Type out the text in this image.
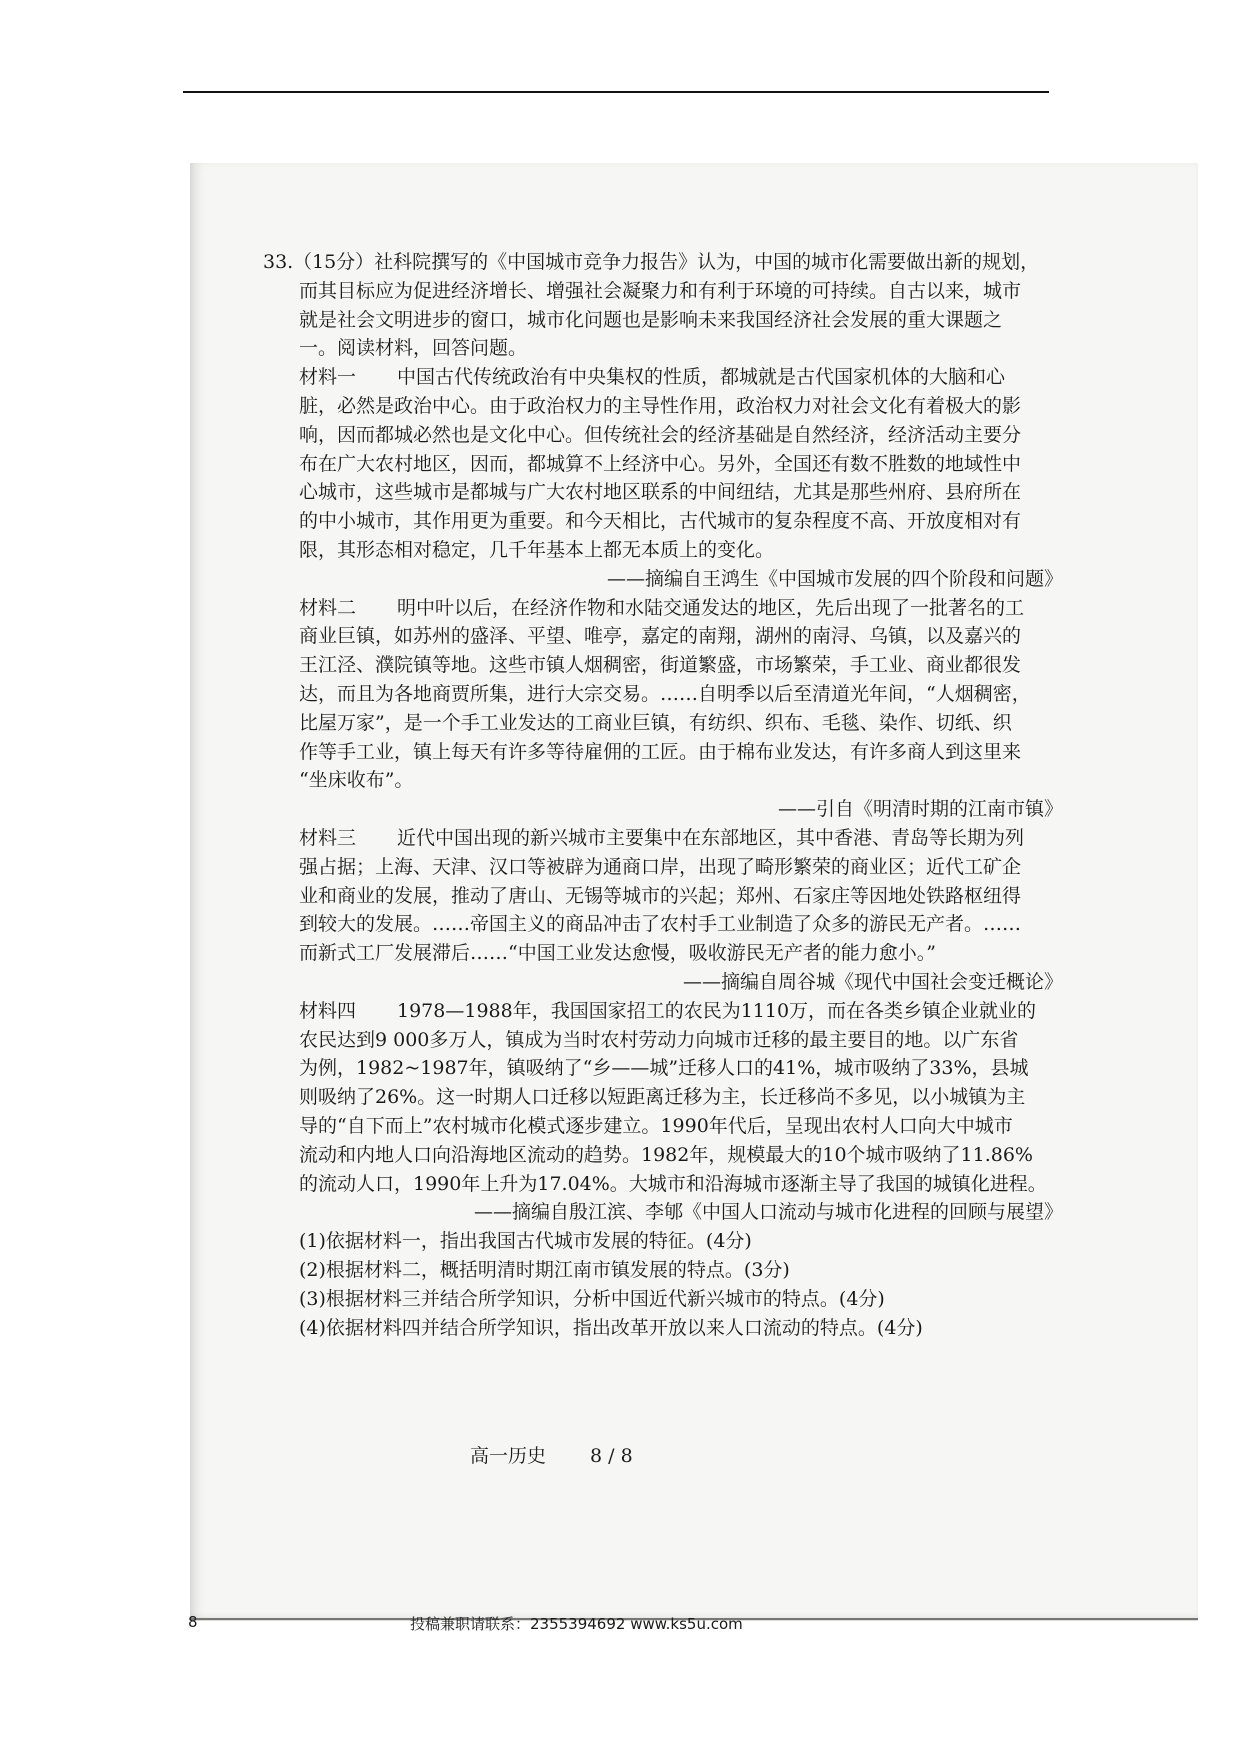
33.（15分）社科院撰写的《中国城市竞争力报告》认为，中国的城市化需要做出新的规划，
而其目标应为促进经济增长、增强社会凝聚力和有利于环境的可持续。自古以来，城市
就是社会文明进步的窗口，城市化问题也是影响未来我国经济社会发展的重大课题之
一。阅读材料，回答问题。
材料一 中国古代传统政治有中央集权的性质，都城就是古代国家机体的大脑和心
脏，必然是政治中心。由于政治权力的主导性作用，政治权力对社会文化有着极大的影
响，因而都城必然也是文化中心。但传统社会的经济基础是自然经济，经济活动主要分
布在广大农村地区，因而，都城算不上经济中心。另外，全国还有数不胜数的地域性中
心城市，这些城市是都城与广大农村地区联系的中间纽结，尤其是那些州府、县府所在
的中小城市，其作用更为重要。和今天相比，古代城市的复杂程度不高、开放度相对有
限，其形态相对稳定，几千年基本上都无本质上的变化。
——摘编自王鸿生《中国城市发展的四个阶段和问题》
材料二 明中叶以后，在经济作物和水陆交通发达的地区，先后出现了一批著名的工
商业巨镇，如苏州的盛泽、平望、唯亭，嘉定的南翔，湖州的南浔、乌镇，以及嘉兴的
王江泾、濮院镇等地。这些市镇人烟稠密，街道繁盛，市场繁荣，手工业、商业都很发
达，而且为各地商贾所集，进行大宗交易。……自明季以后至清道光年间，“人烟稠密，
比屋万家”，是一个手工业发达的工商业巨镇，有纺织、织布、毛毯、染作、切纸、织
作等手工业，镇上每天有许多等待雇佣的工匠。由于棉布业发达，有许多商人到这里来
“坐床收布”。
——引自《明清时期的江南市镇》
材料三 近代中国出现的新兴城市主要集中在东部地区，其中香港、青岛等长期为列
强占据；上海、天津、汉口等被辟为通商口岸，出现了畸形繁荣的商业区；近代工矿企
业和商业的发展，推动了唐山、无锡等城市的兴起；郑州、石家庄等因地处铁路枢纽得
到较大的发展。……帝国主义的商品冲击了农村手工业制造了众多的游民无产者。……
而新式工厂发展滞后……“中国工业发达愈慢，吸收游民无产者的能力愈小。”
——摘编自周谷城《现代中国社会变迁概论》
材料四 1978—1988年，我国国家招工的农民为1110万，而在各类乡镇企业就业的
农民达到9 000多万人，镇成为当时农村劳动力向城市迁移的最主要目的地。以广东省
为例，1982~1987年，镇吸纳了“乡——城”迁移人口的41%，城市吸纳了33%，县城
则吸纳了26%。这一时期人口迁移以短距离迁移为主，长迁移尚不多见，以小城镇为主
导的“自下而上”农村城市化模式逐步建立。1990年代后，呈现出农村人口向大中城市
流动和内地人口向沿海地区流动的趋势。1982年，规模最大的10个城市吸纳了11.86%
的流动人口，1990年上升为17.04%。大城市和沿海城市逐渐主导了我国的城镇化进程。
——摘编自殷江滨、李郇《中国人口流动与城市化进程的回顾与展望》
(1)依据材料一，指出我国古代城市发展的特征。(4分)
(2)根据材料二，概括明清时期江南市镇发展的特点。(3分)
(3)根据材料三并结合所学知识，分析中国近代新兴城市的特点。(4分)
(4)依据材料四并结合所学知识，指出改革开放以来人口流动的特点。(4分)
高一历史 8 / 8
8	投稿兼职请联系：2355394692 www.ks5u.com
